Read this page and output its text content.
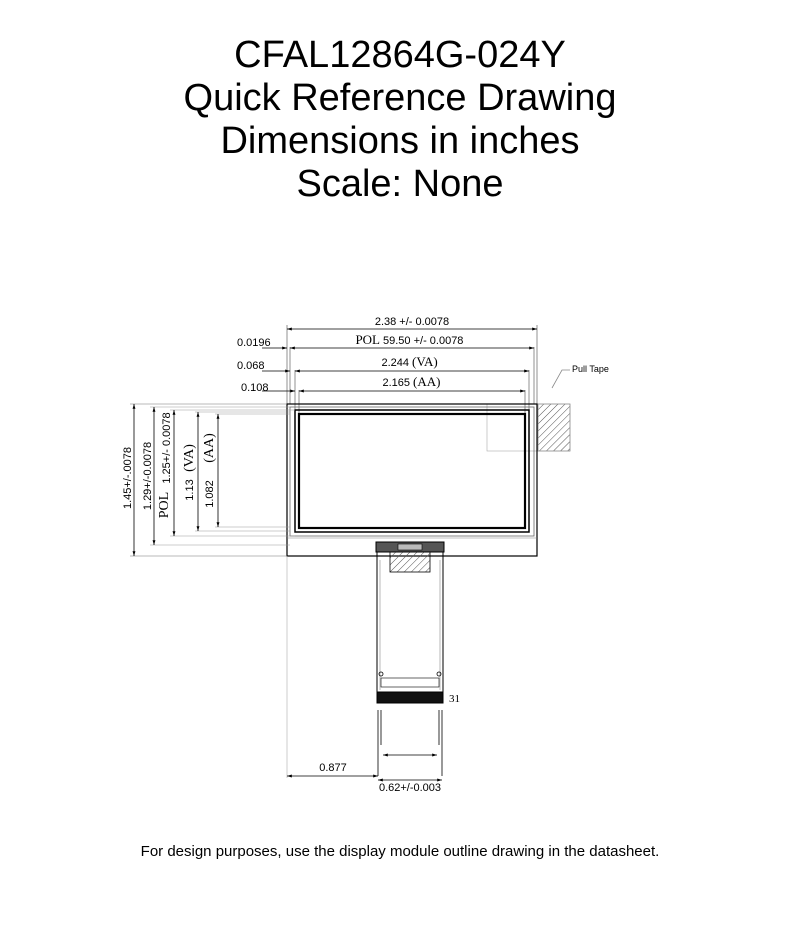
CFAL12864G-024Y
Quick Reference Drawing
Dimensions in inches
Scale: None
2.38 +/- 0.0078
POL 59.50 +/- 0.0078
0.0196
2.244 (VA)
0.068
2.165 (AA)
0.108
Pull Tape
1.45+/-.0078 1.29+/-0.0078 POL
1.25+/- 0.0078
1.13
(VA)
1.082
(AA)
31
0.877
0.62+/-0.003
For design purposes, use the display module outline drawing in the datasheet.
